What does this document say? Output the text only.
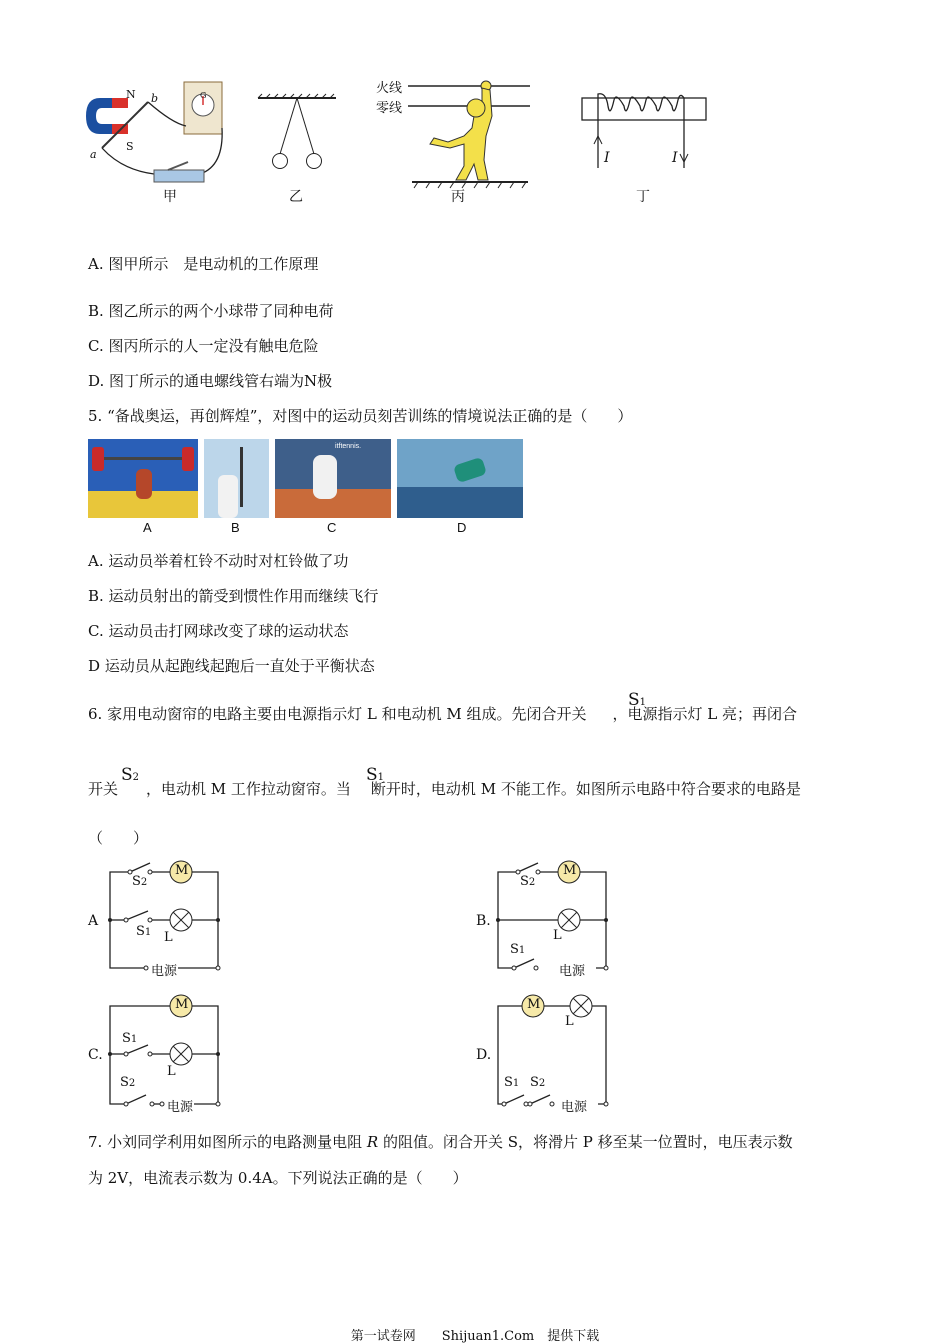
N
S
a
b	G
甲	乙
火线
零线
丙
I	I
丁
A. 图甲所示　是电动机的工作原理
B. 图乙所示的两个小球带了同种电荷
C. 图丙所示的人一定没有触电危险
D. 图丁所示的通电螺线管右端为N极
5. “备战奥运，再创辉煌”，对图中的运动员刻苦训练的情境说法正确的是（　　）
itftennis.
A	B	C	D
A. 运动员举着杠铃不动时对杠铃做了功
B. 运动员射出的箭受到惯性作用而继续飞行
C. 运动员击打网球改变了球的运动状态
D 运动员从起跑线起跑后一直处于平衡状态
6. 家用电动窗帘的电路主要由电源指示灯 L 和电动机 M 组成。先闭合开关 ，电源指示灯 L 亮；再闭合
S1
开关 ，电动机 M 工作拉动窗帘。当 断开时，电动机 M 不能工作。如图所示电路中符合要求的电路是
S2	S1
（　　）
A
M
S2
S1 L
电源
B.
M
S2
L
S1
电源
C.
M
S1
L
S2
电源
D.
M
L
S1 S2
电源
7. 小刘同学利用如图所示的电路测量电阻 R 的阻值。闭合开关 S，将滑片 P 移至某一位置时，电压表示数
为 2V，电流表示数为 0.4A。下列说法正确的是（　　）
第一试卷网　　Shijuan1.Com　提供下载
